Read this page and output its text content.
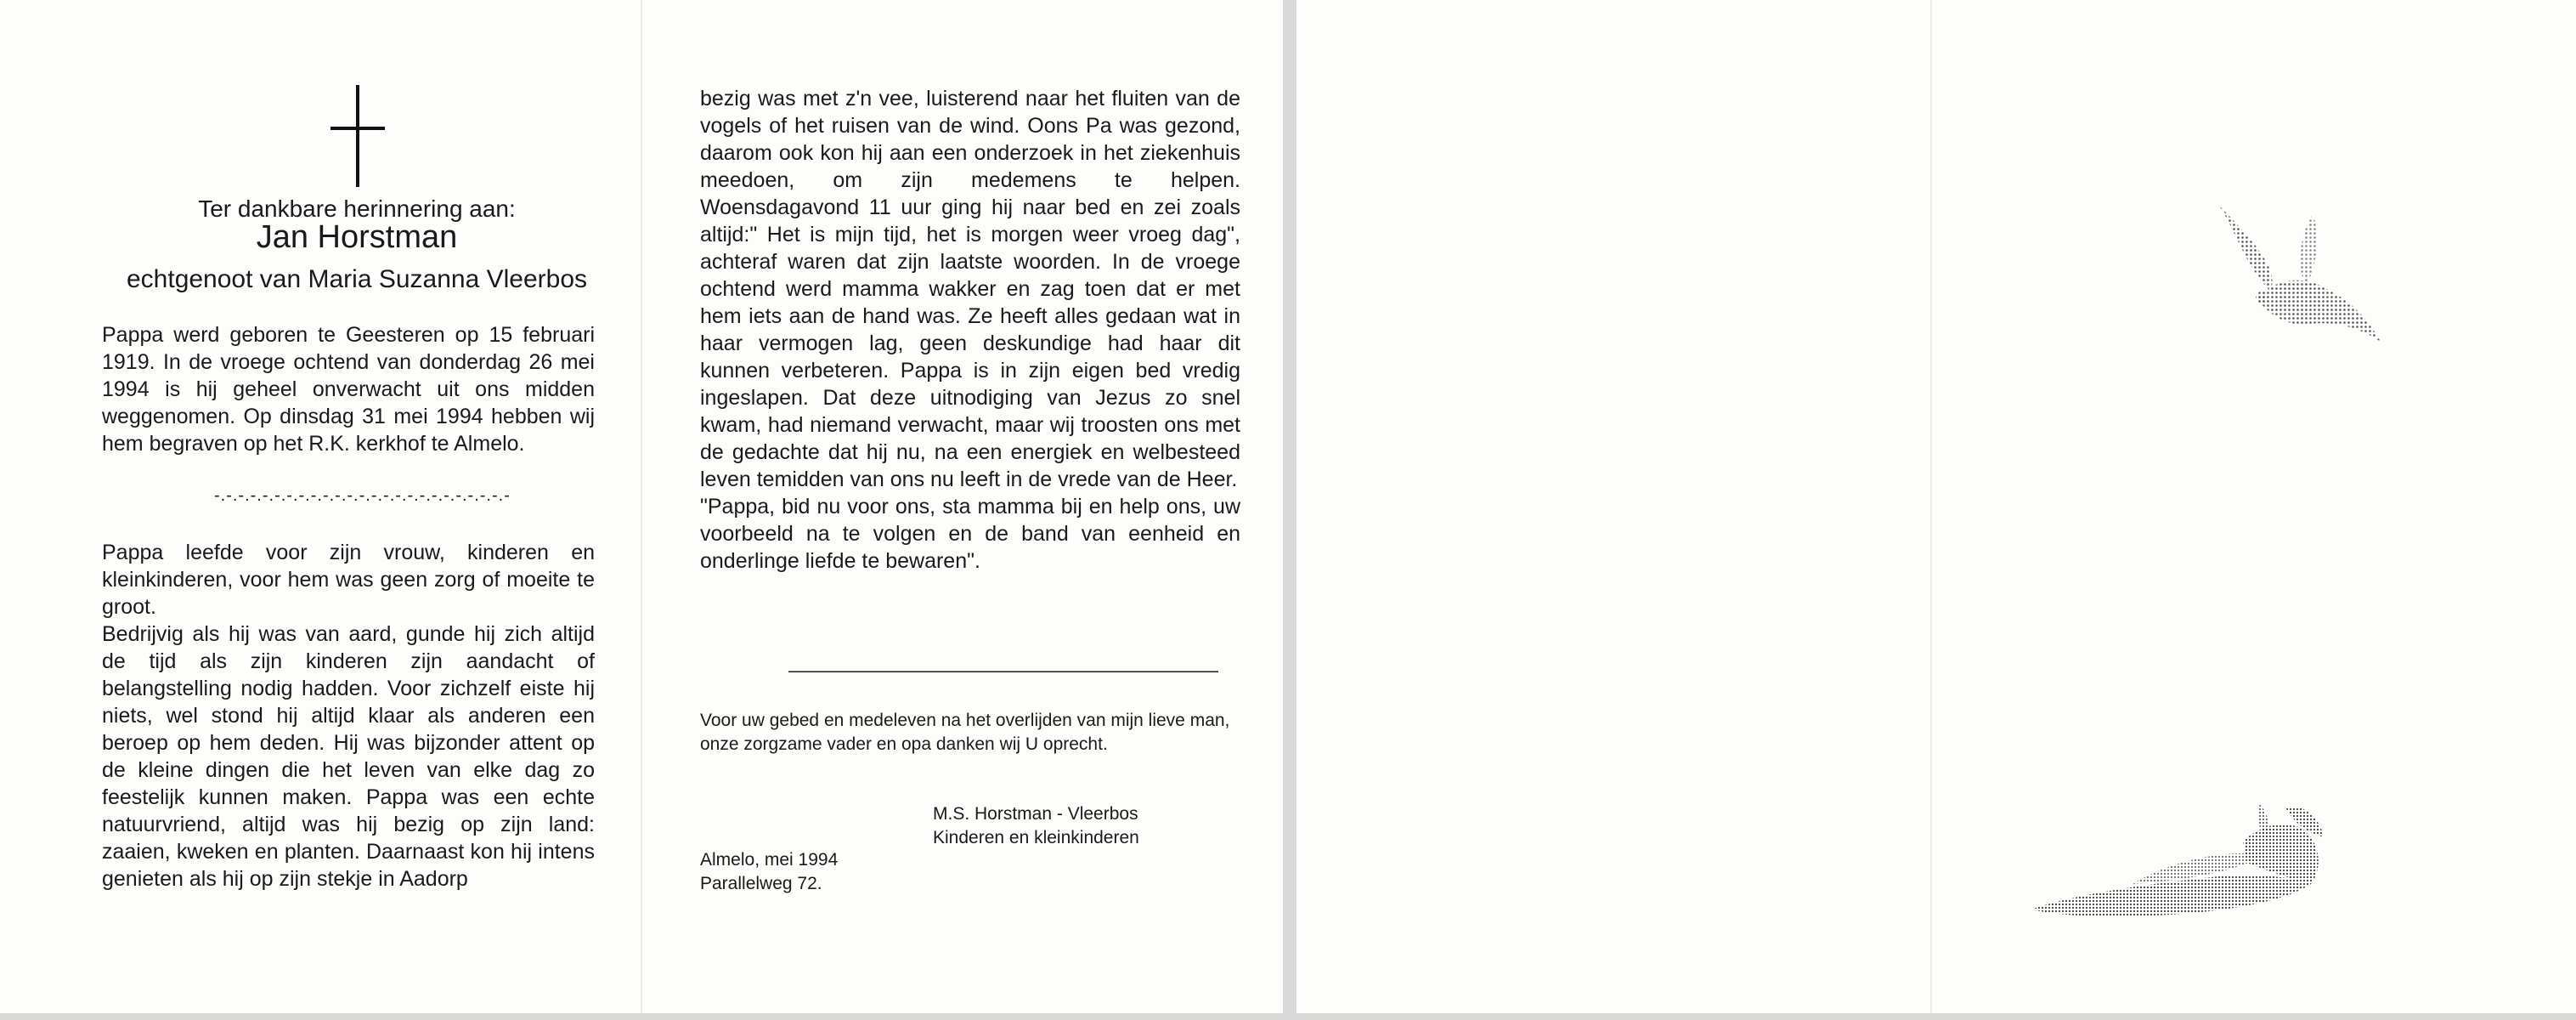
Ter dankbare herinnering aan:
Jan Horstman
echtgenoot van Maria Suzanna Vleerbos
Pappa werd geboren te Geesteren op 15 februari 1919. In de vroege ochtend van donderdag 26 mei 1994 is hij geheel onverwacht uit ons midden weggenomen. Op dinsdag 31 mei 1994 hebben wij hem begraven op het R.K. kerkhof te Almelo.
-.-.-.-.-.-.-.-.-.-.-.-.-.-.-.-.-.-.-.-.-.-.-.-.-
Pappa leefde voor zijn vrouw, kinderen en kleinkinderen, voor hem was geen zorg of moeite te groot.
Bedrijvig als hij was van aard, gunde hij zich altijd de tijd als zijn kinderen zijn aandacht of belangstelling nodig hadden. Voor zichzelf eiste hij niets, wel stond hij altijd klaar als anderen een beroep op hem deden. Hij was bijzonder attent op de kleine dingen die het leven van elke dag zo feestelijk kunnen maken. Pappa was een echte natuurvriend, altijd was hij bezig op zijn land: zaaien, kweken en planten. Daarnaast kon hij intens genieten als hij op zijn stekje in Aadorp
bezig was met z'n vee, luisterend naar het fluiten van de vogels of het ruisen van de wind. Oons Pa was gezond, daarom ook kon hij aan een onderzoek in het ziekenhuis meedoen, om zijn medemens te helpen. Woensdagavond 11 uur ging hij naar bed en zei zoals altijd:" Het is mijn tijd, het is morgen weer vroeg dag", achteraf waren dat zijn laatste woorden. In de vroege ochtend werd mamma wakker en zag toen dat er met hem iets aan de hand was. Ze heeft alles gedaan wat in haar vermogen lag, geen deskundige had haar dit kunnen verbeteren. Pappa is in zijn eigen bed vredig ingeslapen. Dat deze uitnodiging van Jezus zo snel kwam, had niemand verwacht, maar wij troosten ons met de gedachte dat hij nu, na een energiek en welbesteed leven temidden van ons nu leeft in de vrede van de Heer.
"Pappa, bid nu voor ons, sta mamma bij en help ons, uw voorbeeld na te volgen en de band van eenheid en onderlinge liefde te bewaren".
———————————————————————
Voor uw gebed en medeleven na het overlijden van mijn lieve man, onze zorgzame vader en opa danken wij U oprecht.
M.S. Horstman - Vleerbos
Kinderen en kleinkinderen
Almelo, mei 1994
Parallelweg 72.
